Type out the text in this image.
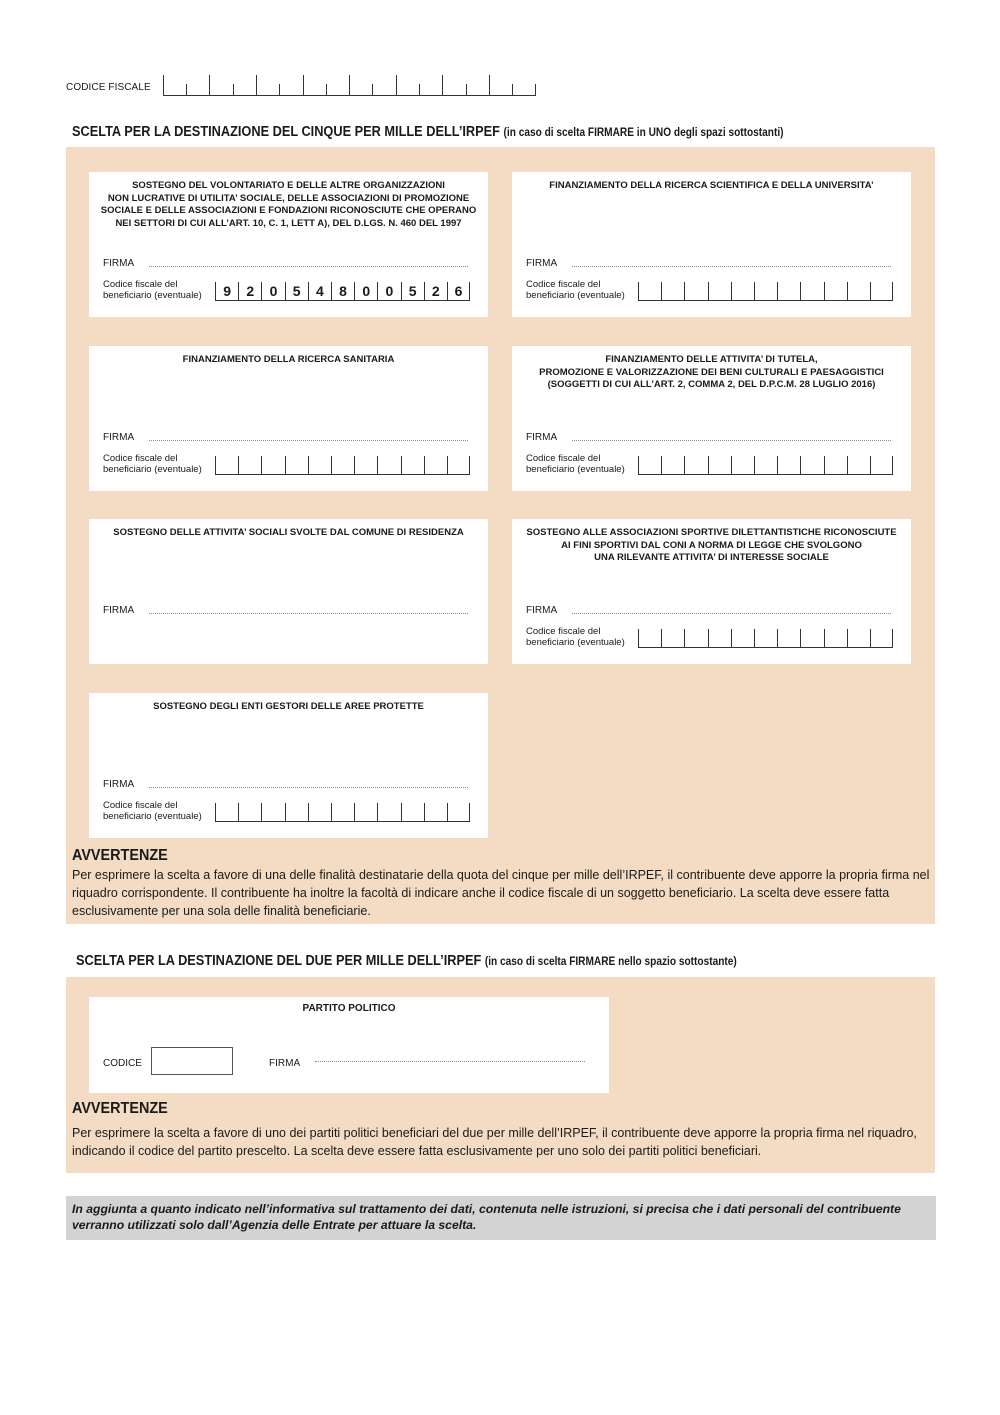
CODICE FISCALE
SCELTA PER LA DESTINAZIONE DEL CINQUE PER MILLE DELL’IRPEF (in caso di scelta FIRMARE in UNO degli spazi sottostanti)
SOSTEGNO DEL VOLONTARIATO E DELLE ALTRE ORGANIZZAZIONI
NON LUCRATIVE DI UTILITA’ SOCIALE, DELLE ASSOCIAZIONI DI PROMOZIONE
SOCIALE E DELLE ASSOCIAZIONI E FONDAZIONI RICONOSCIUTE CHE OPERANO
NEI SETTORI DI CUI ALL’ART. 10, C. 1, LETT A), DEL D.LGS. N. 460 DEL 1997
FIRMA
Codice fiscale del
beneficiario (eventuale)	9	2	0	5	4	8	0	0	5	2	6
FINANZIAMENTO DELLA RICERCA SCIENTIFICA E DELLA UNIVERSITA’
FIRMA
Codice fiscale del
beneficiario (eventuale)
FINANZIAMENTO DELLA RICERCA SANITARIA
FIRMA
Codice fiscale del
beneficiario (eventuale)
FINANZIAMENTO DELLE ATTIVITA’ DI TUTELA,
PROMOZIONE E VALORIZZAZIONE DEI BENI CULTURALI E PAESAGGISTICI
(SOGGETTI DI CUI ALL’ART. 2, COMMA 2, DEL D.P.C.M. 28 LUGLIO 2016)
FIRMA
Codice fiscale del
beneficiario (eventuale)
SOSTEGNO DELLE ATTIVITA’ SOCIALI SVOLTE DAL COMUNE DI RESIDENZA
FIRMA
SOSTEGNO ALLE ASSOCIAZIONI SPORTIVE DILETTANTISTICHE RICONOSCIUTE
AI FINI SPORTIVI DAL CONI A NORMA DI LEGGE CHE SVOLGONO
UNA RILEVANTE ATTIVITA’ DI INTERESSE SOCIALE
FIRMA
Codice fiscale del
beneficiario (eventuale)
SOSTEGNO DEGLI ENTI GESTORI DELLE AREE PROTETTE
FIRMA
Codice fiscale del
beneficiario (eventuale)
AVVERTENZE
Per esprimere la scelta a favore di una delle finalità destinatarie della quota del cinque per mille dell’IRPEF, il contribuente deve apporre la propria firma nel riquadro corrispondente. Il contribuente ha inoltre la facoltà di indicare anche il codice fiscale di un soggetto beneficiario. La scelta deve essere fatta esclusivamente per una sola delle finalità beneficiarie.
SCELTA PER LA DESTINAZIONE DEL DUE PER MILLE DELL’IRPEF (in caso di scelta FIRMARE nello spazio sottostante)
PARTITO POLITICO
CODICE	FIRMA
AVVERTENZE
Per esprimere la scelta a favore di uno dei partiti politici beneficiari del due per mille dell’IRPEF, il contribuente deve apporre la propria firma nel riquadro, indicando il codice del partito prescelto. La scelta deve essere fatta esclusivamente per uno solo dei partiti politici beneficiari.
In aggiunta a quanto indicato nell’informativa sul trattamento dei dati, contenuta nelle istruzioni, si precisa che i dati personali del contribuente verranno utilizzati solo dall’Agenzia delle Entrate per attuare la scelta.
